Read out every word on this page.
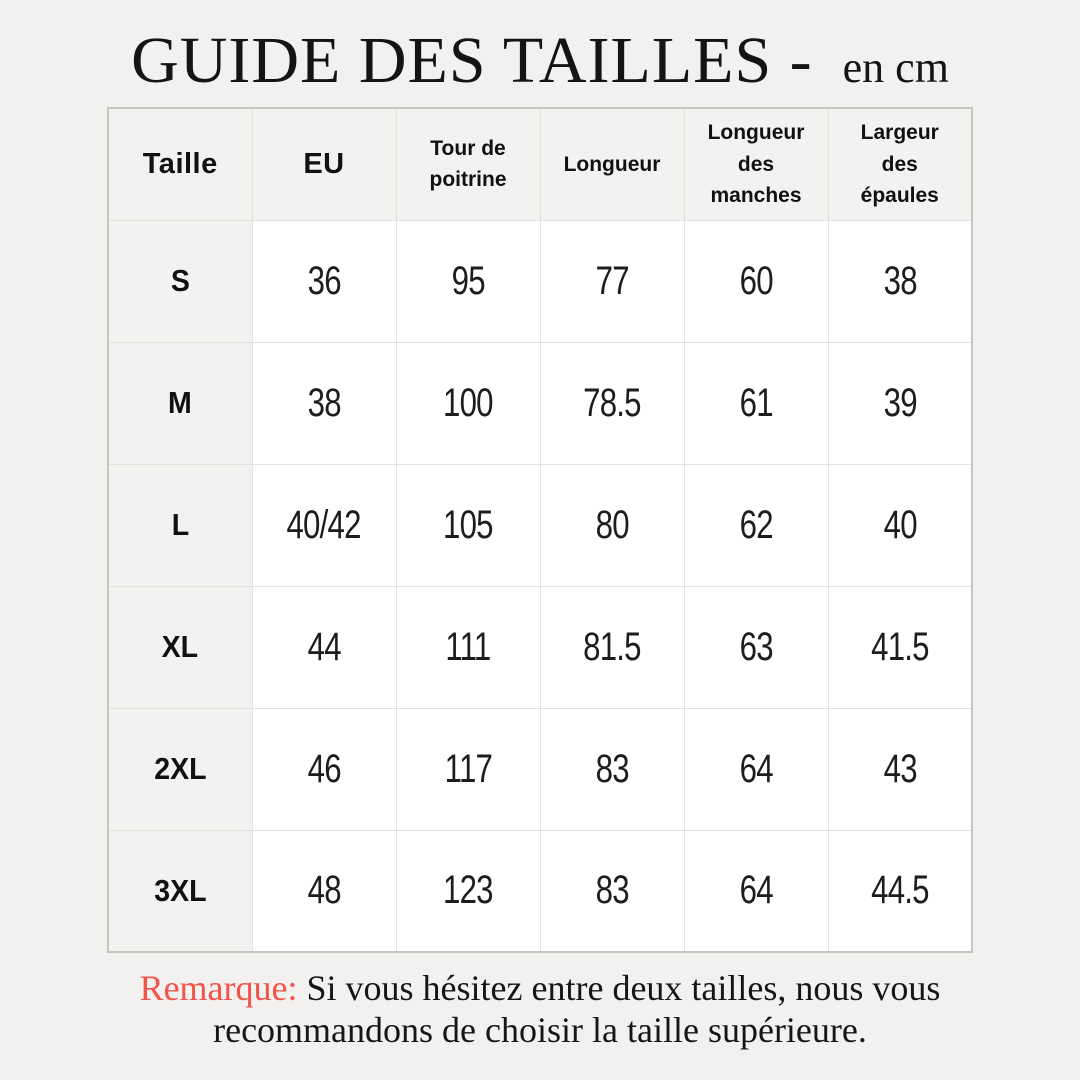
GUIDE DES TAILLES - en cm
Taille	EU	Tour de poitrine	Longueur	Longueur des manches	Largeur des épaules
S	36	95	77	60	38
M	38	100	78.5	61	39
L	40/42	105	80	62	40
XL	44	111	81.5	63	41.5
2XL	46	117	83	64	43
3XL	48	123	83	64	44.5

Remarque: Si vous hésitez entre deux tailles, nous vous recommandons de choisir la taille supérieure.
